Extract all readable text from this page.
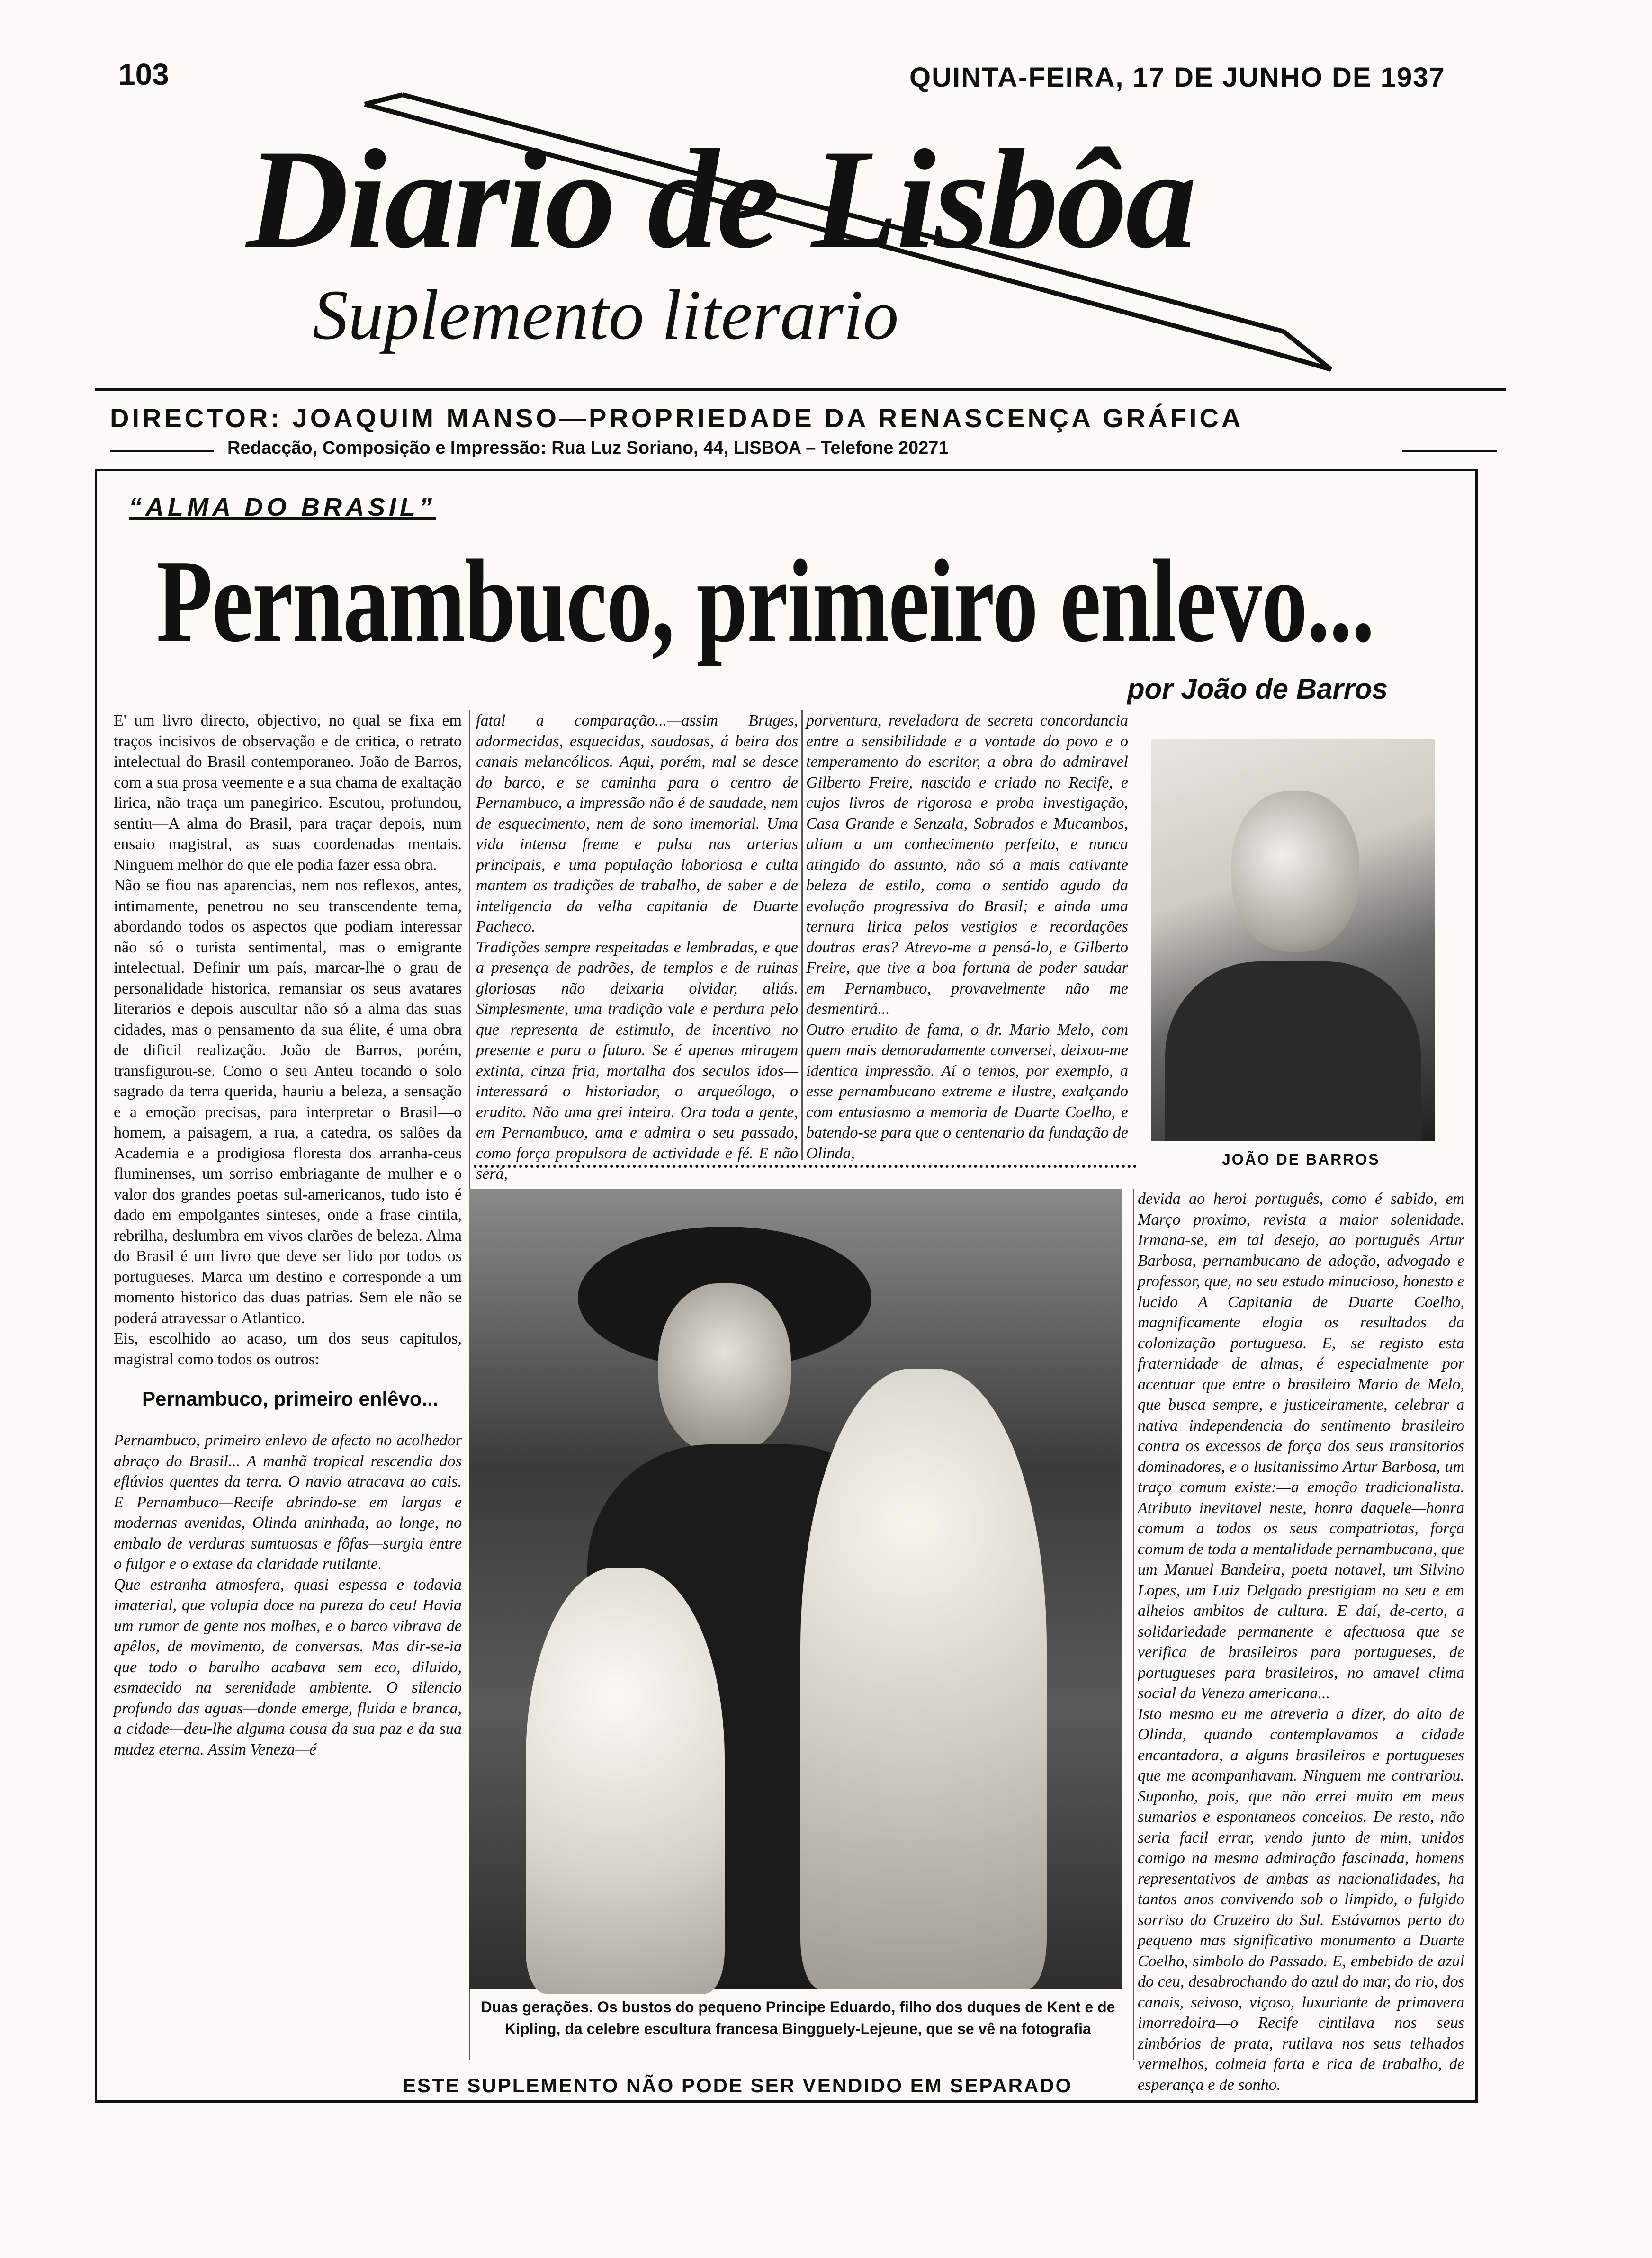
103	QUINTA-FEIRA, 17 DE JUNHO DE 1937
Diario de Lisbôa
Suplemento literario
DIRECTOR: JOAQUIM MANSO—PROPRIEDADE DA RENASCENÇA GRÁFICA
Redacção, Composição e Impressão: Rua Luz Soriano, 44, LISBOA – Telefone 20271
“ALMA DO BRASIL”
Pernambuco, primeiro enlevo...
por João de Barros
E' um livro directo, objectivo, no qual se fixa em traços incisivos de observação e de critica, o retrato intelectual do Brasil contemporaneo. João de Barros, com a sua prosa veemente e a sua chama de exaltação lirica, não traça um panegirico. Escutou, profundou, sentiu—A alma do Brasil, para traçar depois, num ensaio magistral, as suas coordenadas mentais. Ninguem melhor do que ele podia fazer essa obra.
Não se fiou nas aparencias, nem nos reflexos, antes, intimamente, penetrou no seu transcendente tema, abordando todos os aspectos que podiam interessar não só o turista sentimental, mas o emigrante intelectual. Definir um país, marcar-lhe o grau de personalidade historica, remansiar os seus avatares literarios e depois auscultar não só a alma das suas cidades, mas o pensamento da sua élite, é uma obra de dificil realização. João de Barros, porém, transfigurou-se. Como o seu Anteu tocando o solo sagrado da terra querida, hauriu a beleza, a sensação e a emoção precisas, para interpretar o Brasil—o homem, a paisagem, a rua, a catedra, os salões da Academia e a prodigiosa floresta dos arranha-ceus fluminenses, um sorriso embriagante de mulher e o valor dos grandes poetas sul-americanos, tudo isto é dado em empolgantes sinteses, onde a frase cintila, rebrilha, deslumbra em vivos clarões de beleza. Alma do Brasil é um livro que deve ser lido por todos os portugueses. Marca um destino e corresponde a um momento historico das duas patrias. Sem ele não se poderá atravessar o Atlantico.
Eis, escolhido ao acaso, um dos seus capitulos, magistral como todos os outros:
Pernambuco, primeiro enlêvo...
Pernambuco, primeiro enlevo de afecto no acolhedor abraço do Brasil... A manhã tropical rescendia dos eflúvios quentes da terra. O navio atracava ao cais. E Pernambuco—Recife abrindo-se em largas e modernas avenidas, Olinda aninhada, ao longe, no embalo de verduras sumtuosas e fôfas—surgia entre o fulgor e o extase da claridade rutilante.
Que estranha atmosfera, quasi espessa e todavia imaterial, que volupia doce na pureza do ceu! Havia um rumor de gente nos molhes, e o barco vibrava de apêlos, de movimento, de conversas. Mas dir-se-ia que todo o barulho acabava sem eco, diluido, esmaecido na serenidade ambiente. O silencio profundo das aguas—donde emerge, fluida e branca, a cidade—deu-lhe alguma cousa da sua paz e da sua mudez eterna. Assim Veneza—é
fatal a comparação...—assim Bruges, adormecidas, esquecidas, saudosas, á beira dos canais melancólicos. Aqui, porém, mal se desce do barco, e se caminha para o centro de Pernambuco, a impressão não é de saudade, nem de esquecimento, nem de sono imemorial. Uma vida intensa freme e pulsa nas arterias principais, e uma população laboriosa e culta mantem as tradições de trabalho, de saber e de inteligencia da velha capitania de Duarte Pacheco.
Tradições sempre respeitadas e lembradas, e que a presença de padrões, de templos e de ruinas gloriosas não deixaria olvidar, aliás. Simplesmente, uma tradição vale e perdura pelo que representa de estimulo, de incentivo no presente e para o futuro. Se é apenas miragem extinta, cinza fria, mortalha dos seculos idos—interessará o historiador, o arqueólogo, o erudito. Não uma grei inteira. Ora toda a gente, em Pernambuco, ama e admira o seu passado, como força propulsora de actividade e fé. E não será,
porventura, reveladora de secreta concordancia entre a sensibilidade e a vontade do povo e o temperamento do escritor, a obra do admiravel Gilberto Freire, nascido e criado no Recife, e cujos livros de rigorosa e proba investigação, Casa Grande e Senzala, Sobrados e Mucambos, aliam a um conhecimento perfeito, e nunca atingido do assunto, não só a mais cativante beleza de estilo, como o sentido agudo da evolução progressiva do Brasil; e ainda uma ternura lirica pelos vestigios e recordações doutras eras? Atrevo-me a pensá-lo, e Gilberto Freire, que tive a boa fortuna de poder saudar em Pernambuco, provavelmente não me desmentirá...
Outro erudito de fama, o dr. Mario Melo, com quem mais demoradamente conversei, deixou-me identica impressão. Aí o temos, por exemplo, a esse pernambucano extreme e ilustre, exalçando com entusiasmo a memoria de Duarte Coelho, e batendo-se para que o centenario da fundação de Olinda,	JOÃO DE BARROS
Duas gerações. Os bustos do pequeno Principe Eduardo, filho dos duques de Kent e de Kipling, da celebre escultura francesa Bingguely-Lejeune, que se vê na fotografia
devida ao heroi português, como é sabido, em Março proximo, revista a maior solenidade. Irmana-se, em tal desejo, ao português Artur Barbosa, pernambucano de adoção, advogado e professor, que, no seu estudo minucioso, honesto e lucido A Capitania de Duarte Coelho, magnificamente elogia os resultados da colonização portuguesa. E, se registo esta fraternidade de almas, é especialmente por acentuar que entre o brasileiro Mario de Melo, que busca sempre, e justiceiramente, celebrar a nativa independencia do sentimento brasileiro contra os excessos de força dos seus transitorios dominadores, e o lusitanissimo Artur Barbosa, um traço comum existe:—a emoção tradicionalista. Atributo inevitavel neste, honra daquele—honra comum a todos os seus compatriotas, força comum de toda a mentalidade pernambucana, que um Manuel Bandeira, poeta notavel, um Silvino Lopes, um Luiz Delgado prestigiam no seu e em alheios ambitos de cultura. E daí, de-certo, a solidariedade permanente e afectuosa que se verifica de brasileiros para portugueses, de portugueses para brasileiros, no amavel clima social da Veneza americana...
Isto mesmo eu me atreveria a dizer, do alto de Olinda, quando contemplavamos a cidade encantadora, a alguns brasileiros e portugueses que me acompanhavam. Ninguem me contrariou. Suponho, pois, que não errei muito em meus sumarios e espontaneos conceitos. De resto, não seria facil errar, vendo junto de mim, unidos comigo na mesma admiração fascinada, homens representativos de ambas as nacionalidades, ha tantos anos convivendo sob o limpido, o fulgido sorriso do Cruzeiro do Sul. Estávamos perto do pequeno mas significativo monumento a Duarte Coelho, simbolo do Passado. E, embebido de azul do ceu, desabrochando do azul do mar, do rio, dos canais, seivoso, viçoso, luxuriante de primavera imorredoira—o Recife cintilava nos seus zimbórios de prata, rutilava nos seus telhados vermelhos, colmeia farta e rica de trabalho, de esperança e de sonho.
ESTE SUPLEMENTO NÃO PODE SER VENDIDO EM SEPARADO
